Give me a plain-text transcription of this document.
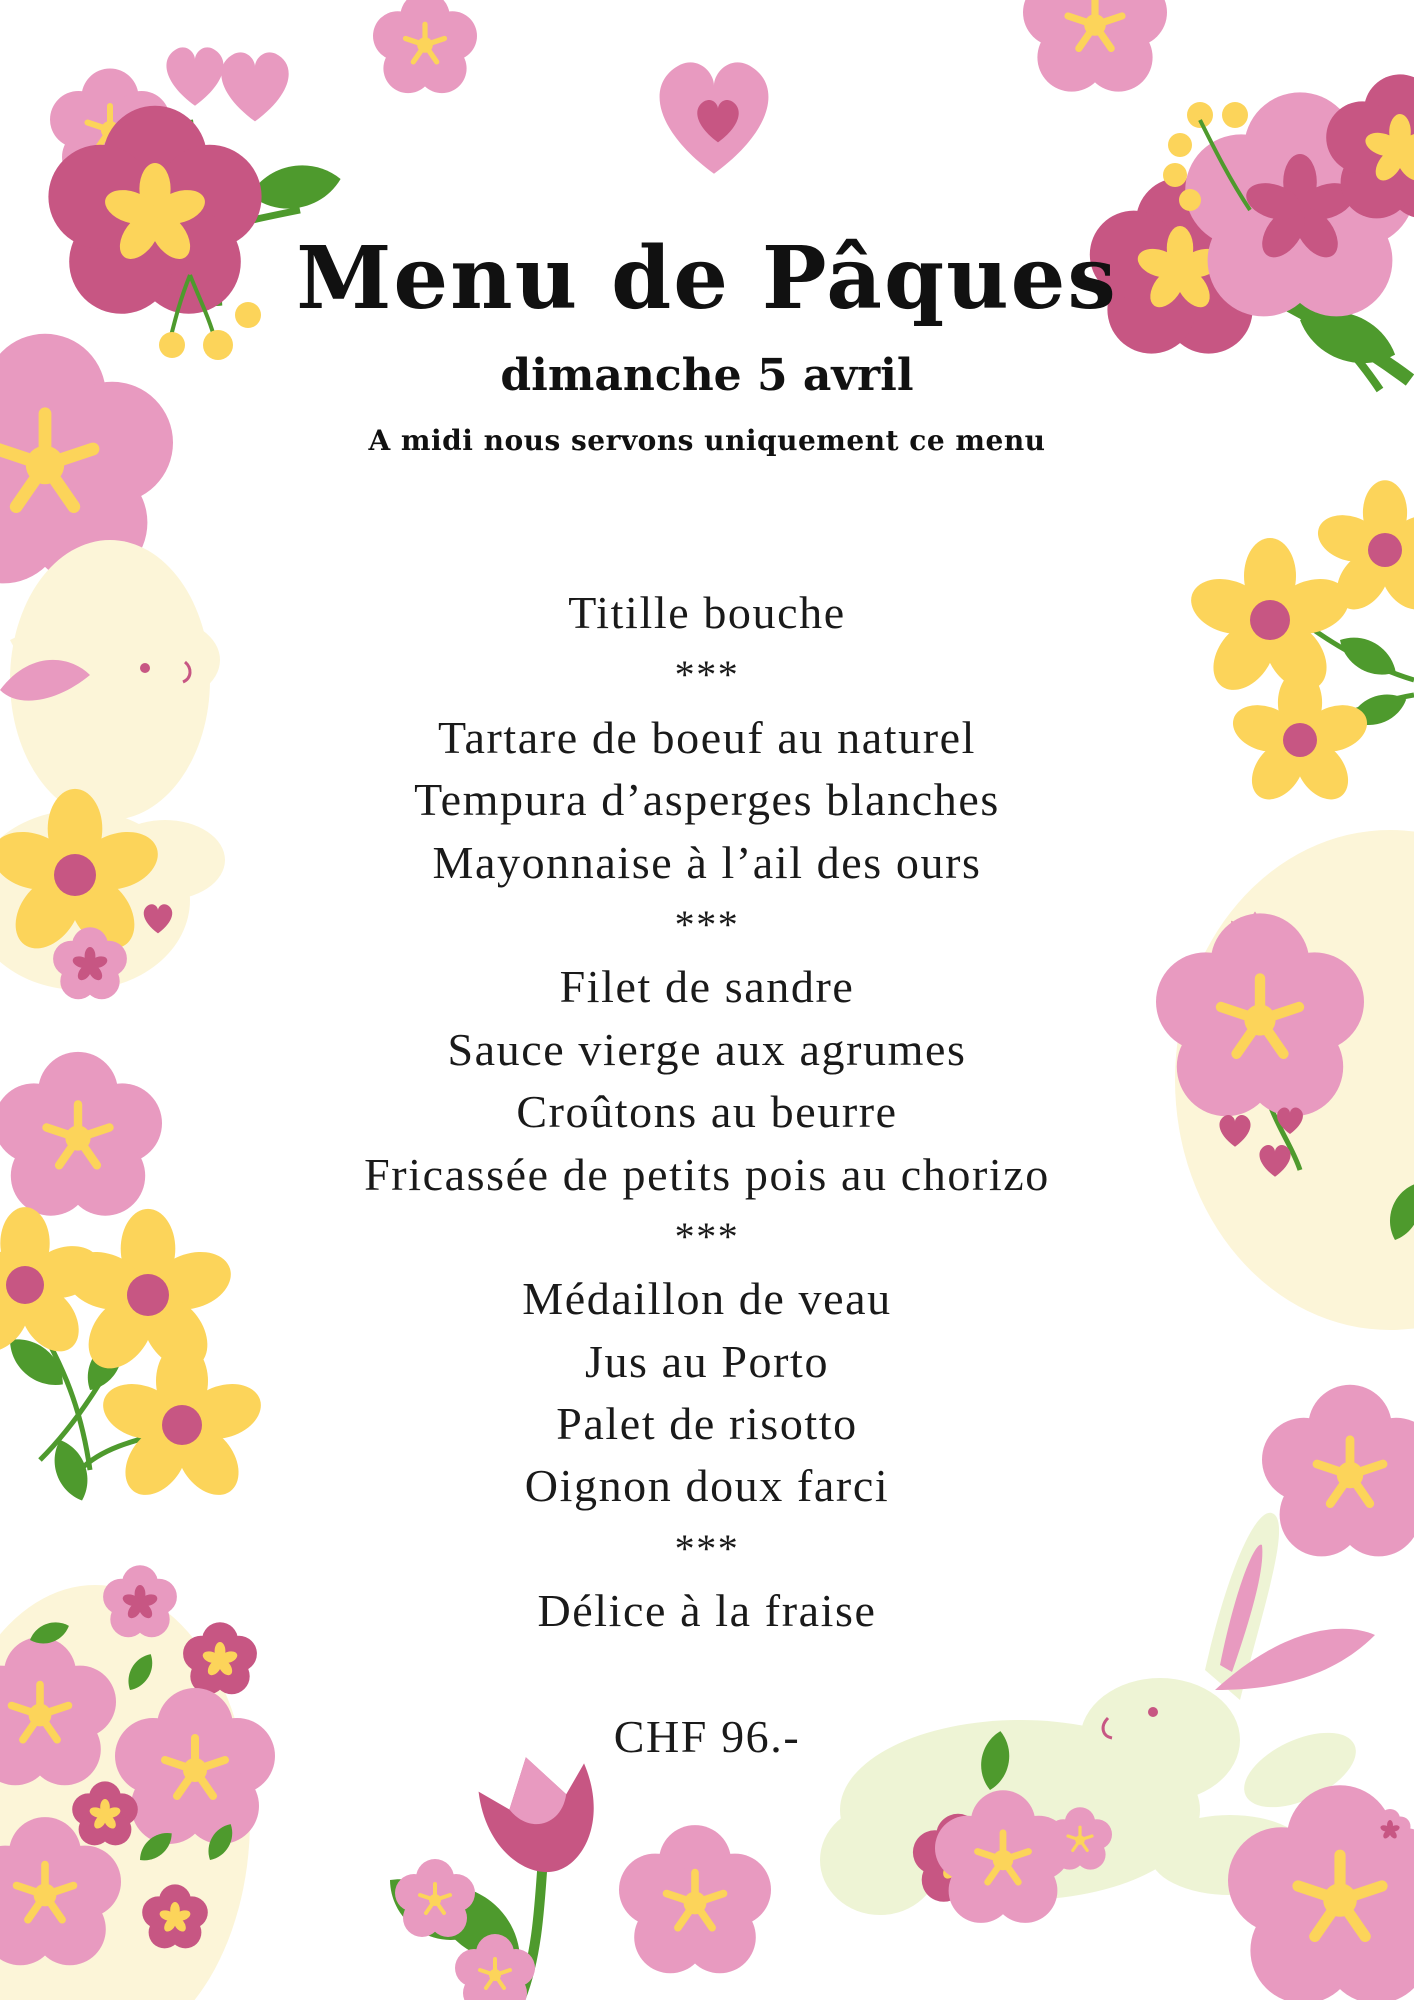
Menu de Pâques
dimanche 5 avril
A midi nous servons uniquement ce menu
Titille bouche
***
Tartare de boeuf au naturel
Tempura d’asperges blanches
Mayonnaise à l’ail des ours
***
Filet de sandre
Sauce vierge aux agrumes
Croûtons au beurre
Fricassée de petits pois au chorizo
***
Médaillon de veau
Jus au Porto
Palet de risotto
Oignon doux farci
***
Délice à la fraise
CHF 96.-
